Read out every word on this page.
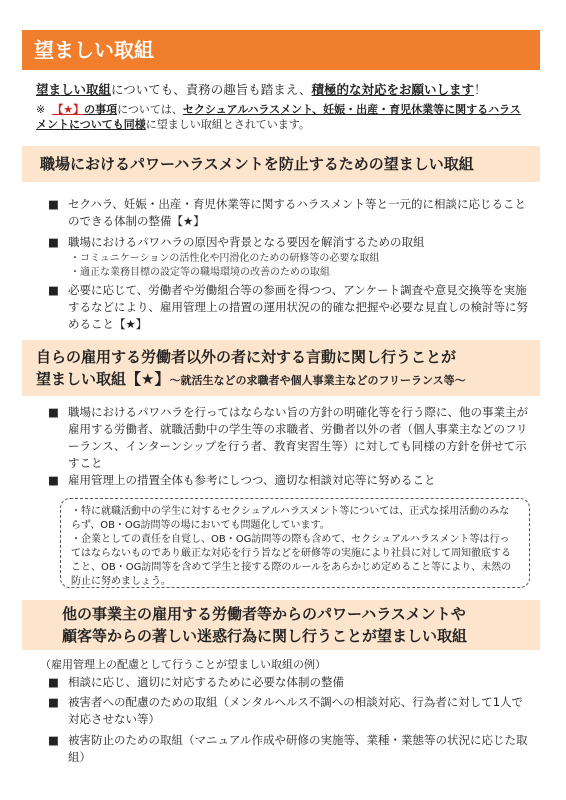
望ましい取組
望ましい取組についても、責務の趣旨も踏まえ、積極的な対応をお願いします！
※ 【★】の事項については、セクシュアルハラスメント、妊娠・出産・育児休業等に関するハラスメントについても同様に望ましい取組とされています。
職場におけるパワーハラスメントを防止するための望ましい取組
■ セクハラ、妊娠・出産・育児休業等に関するハラスメント等と一元的に相談に応じることのできる体制の整備【★】
■ 職場におけるパワハラの原因や背景となる要因を解消するための取組
・コミュニケーションの活性化や円滑化のための研修等の必要な取組
・適正な業務目標の設定等の職場環境の改善のための取組
■ 必要に応じて、労働者や労働組合等の参画を得つつ、アンケート調査や意見交換等を実施するなどにより、雇用管理上の措置の運用状況の的確な把握や必要な見直しの検討等に努めること【★】
自らの雇用する労働者以外の者に対する言動に関し行うことが
望ましい取組【★】～就活生などの求職者や個人事業主などのフリーランス等～
■ 職場におけるパワハラを行ってはならない旨の方針の明確化等を行う際に、他の事業主が雇用する労働者、就職活動中の学生等の求職者、労働者以外の者（個人事業主などのフリーランス、インターンシップを行う者、教育実習生等）に対しても同様の方針を併せて示すこと
■ 雇用管理上の措置全体も参考にしつつ、適切な相談対応等に努めること

・特に就職活動中の学生に対するセクシュアルハラスメント等については、正式な採用活動のみならず、OB・OG訪問等の場においても問題化しています。

・企業としての責任を自覚し、OB・OG訪問等の際も含めて、セクシュアルハラスメント等は行ってはならないものであり厳正な対応を行う旨などを研修等の実施により社員に対して周知徹底すること、OB・OG訪問等を含めて学生と接する際のルールをあらかじめ定めること等により、未然の防止に努めましょう。

他の事業主の雇用する労働者等からのパワーハラスメントや
顧客等からの著しい迷惑行為に関し行うことが望ましい取組
（雇用管理上の配慮として行うことが望ましい取組の例）
■ 相談に応じ、適切に対応するために必要な体制の整備
■ 被害者への配慮のための取組（メンタルヘルス不調への相談対応、行為者に対して1人で対応させない等）
■ 被害防止のための取組（マニュアル作成や研修の実施等、業種・業態等の状況に応じた取組）
